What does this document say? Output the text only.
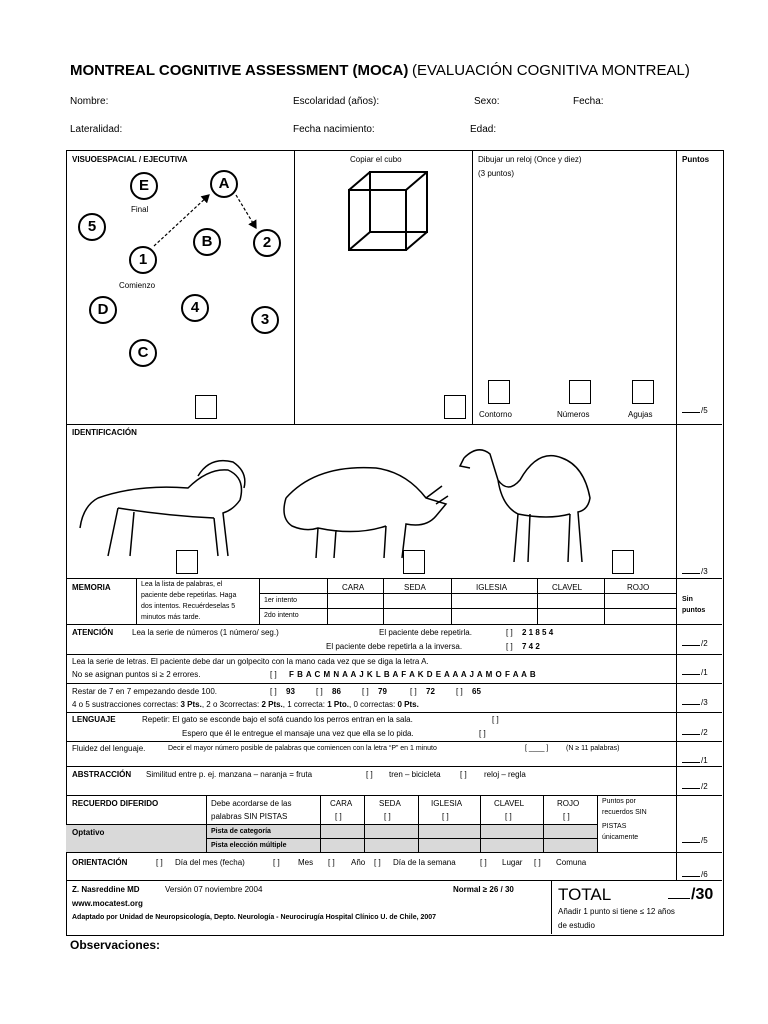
MONTREAL COGNITIVE ASSESSMENT (MOCA) (EVALUACIÓN COGNITIVA MONTREAL)
Nombre:	Escolaridad (años):	Sexo:	Fecha:
Lateralidad:	Fecha nacimiento:	Edad:
VISUOESPACIAL / EJECUTIVA	Puntos
E	A
Final
5
B	2
1
Comienzo
D	4
3
C
Copiar el cubo	Dibujar un reloj (Once y diez)
(3 puntos)
Contorno	Números	Agujas	/5
IDENTIFICACIÓN
/3
MEMORIA	Lea la lista de palabras, el
paciente debe repetirlas. Haga
dos intentos. Recuérdeselas 5
minutos más tarde.
CARA	SEDA	IGLESIA	CLAVEL	ROJO
1er intento
2do intento
Sin puntos
ATENCIÓN Lea la serie de números (1 número/ seg.)	El paciente debe repetirla.	[ ] 2 1 8 5 4
El paciente debe repetirla a la inversa.	[ ] 7 4 2	/2
Lea la serie de letras. El paciente debe dar un golpecito con la mano cada vez que se diga la letra A.
No se asignan puntos si ≥ 2 errores.	[ ] F B A C M N A A J K L B A F A K D E A A A J A M O F A A B	/1
Restar de 7 en 7 empezando desde 100.	[ ] 93	[ ] 86	[ ] 79	[ ] 72	[ ] 65
4 o 5 sustracciones correctas: 3 Pts., 2 o 3correctas: 2 Pts., 1 correcta: 1 Pto., 0 correctas: 0 Pts.	/3
LENGUAJE	Repetir: El gato se esconde bajo el sofá cuando los perros entran en la sala.	[ ]
Espero que él le entregue el mansaje una vez que ella se lo pida.	[ ]	/2
Fluidez del lenguaje.	Decir el mayor número posible de palabras que comiencen con la letra “P” en 1 minuto	[ ____ ]	(N ≥ 11 palabras)
/1
ABSTRACCIÓN Similitud entre p. ej. manzana – naranja = fruta	[ ] tren – bicicleta [ ] reloj – regla
/2
RECUERDO DIFERIDO	Debe acordarse de las
palabras SIN PISTAS
CARA	SEDA	IGLESIA	CLAVEL	ROJO
[ ]	[ ]	[ ]	[ ]	[ ]
Puntos por
recuerdos SIN
PISTAS
únicamente
Optativo	Pista de categoría
Pista elección múltiple
/5
ORIENTACIÓN	[ ] Día del mes (fecha)	[ ] Mes [ ] Año [ ] Día de la semana	[ ] Lugar [ ] Comuna
/6
Z. Nasreddine MD	Versión 07 noviembre 2004	Normal ≥ 26 / 30
www.mocatest.org
Adaptado por Unidad de Neuropsicología, Depto. Neurología - Neurocirugía Hospital Clínico U. de Chile, 2007
TOTAL	/30
Añadir 1 punto si tiene ≤ 12 años
de estudio
Observaciones:
